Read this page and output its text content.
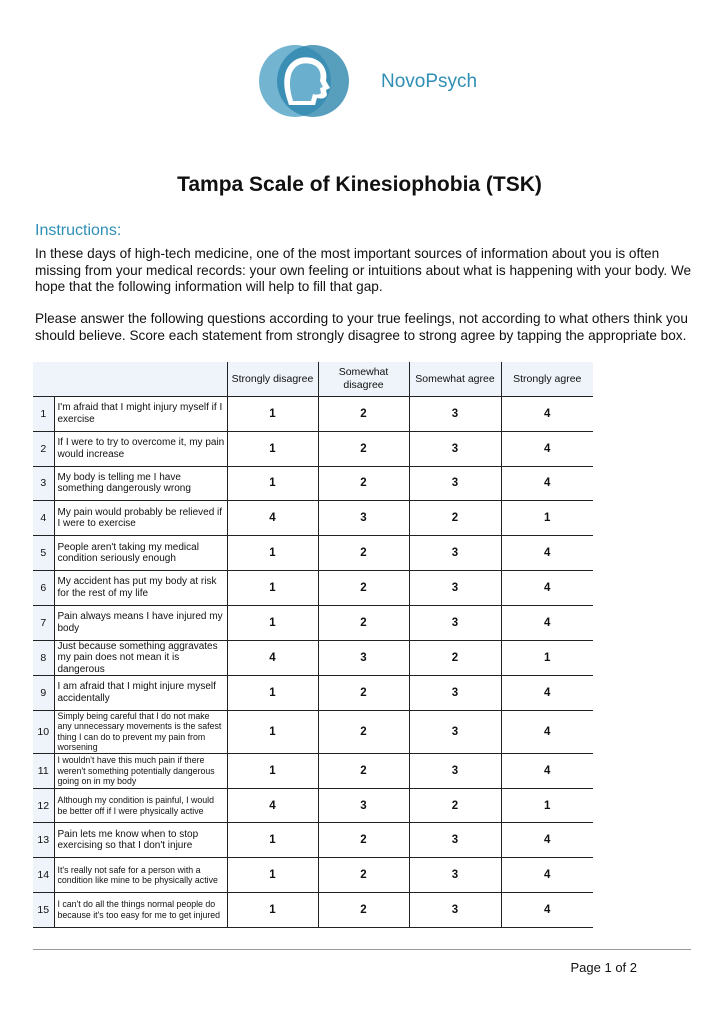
NovoPsych
Tampa Scale of Kinesiophobia (TSK)
Instructions:
In these days of high-tech medicine, one of the most important sources of information about you is often missing from your medical records: your own feeling or intuitions about what is happening with your body. We hope that the following information will help to fill that gap.
Please answer the following questions according to your true feelings, not according to what others think you should believe. Score each statement from strongly disagree to strong agree by tapping the appropriate box.
		Strongly disagree	Somewhat disagree	Somewhat agree	Strongly agree
1	I'm afraid that I might injury myself if I exercise	1	2	3	4
2	If I were to try to overcome it, my pain would increase	1	2	3	4
3	My body is telling me I have something dangerously wrong	1	2	3	4
4	My pain would probably be relieved if I were to exercise	4	3	2	1
5	People aren't taking my medical condition seriously enough	1	2	3	4
6	My accident has put my body at risk for the rest of my life	1	2	3	4
7	Pain always means I have injured my body	1	2	3	4
8	Just because something aggravates my pain does not mean it is dangerous	4	3	2	1
9	I am afraid that I might injure myself accidentally	1	2	3	4
10	Simply being careful that I do not make any unnecessary movements is the safest thing I can do to prevent my pain from worsening	1	2	3	4
11	I wouldn't have this much pain if there weren't something potentially dangerous going on in my body	1	2	3	4
12	Although my condition is painful, I would be better off if I were physically active	4	3	2	1
13	Pain lets me know when to stop exercising so that I don't injure	1	2	3	4
14	It's really not safe for a person with a condition like mine to be physically active	1	2	3	4
15	I can't do all the things normal people do because it's too easy for me to get injured	1	2	3	4
Page 1 of 2
